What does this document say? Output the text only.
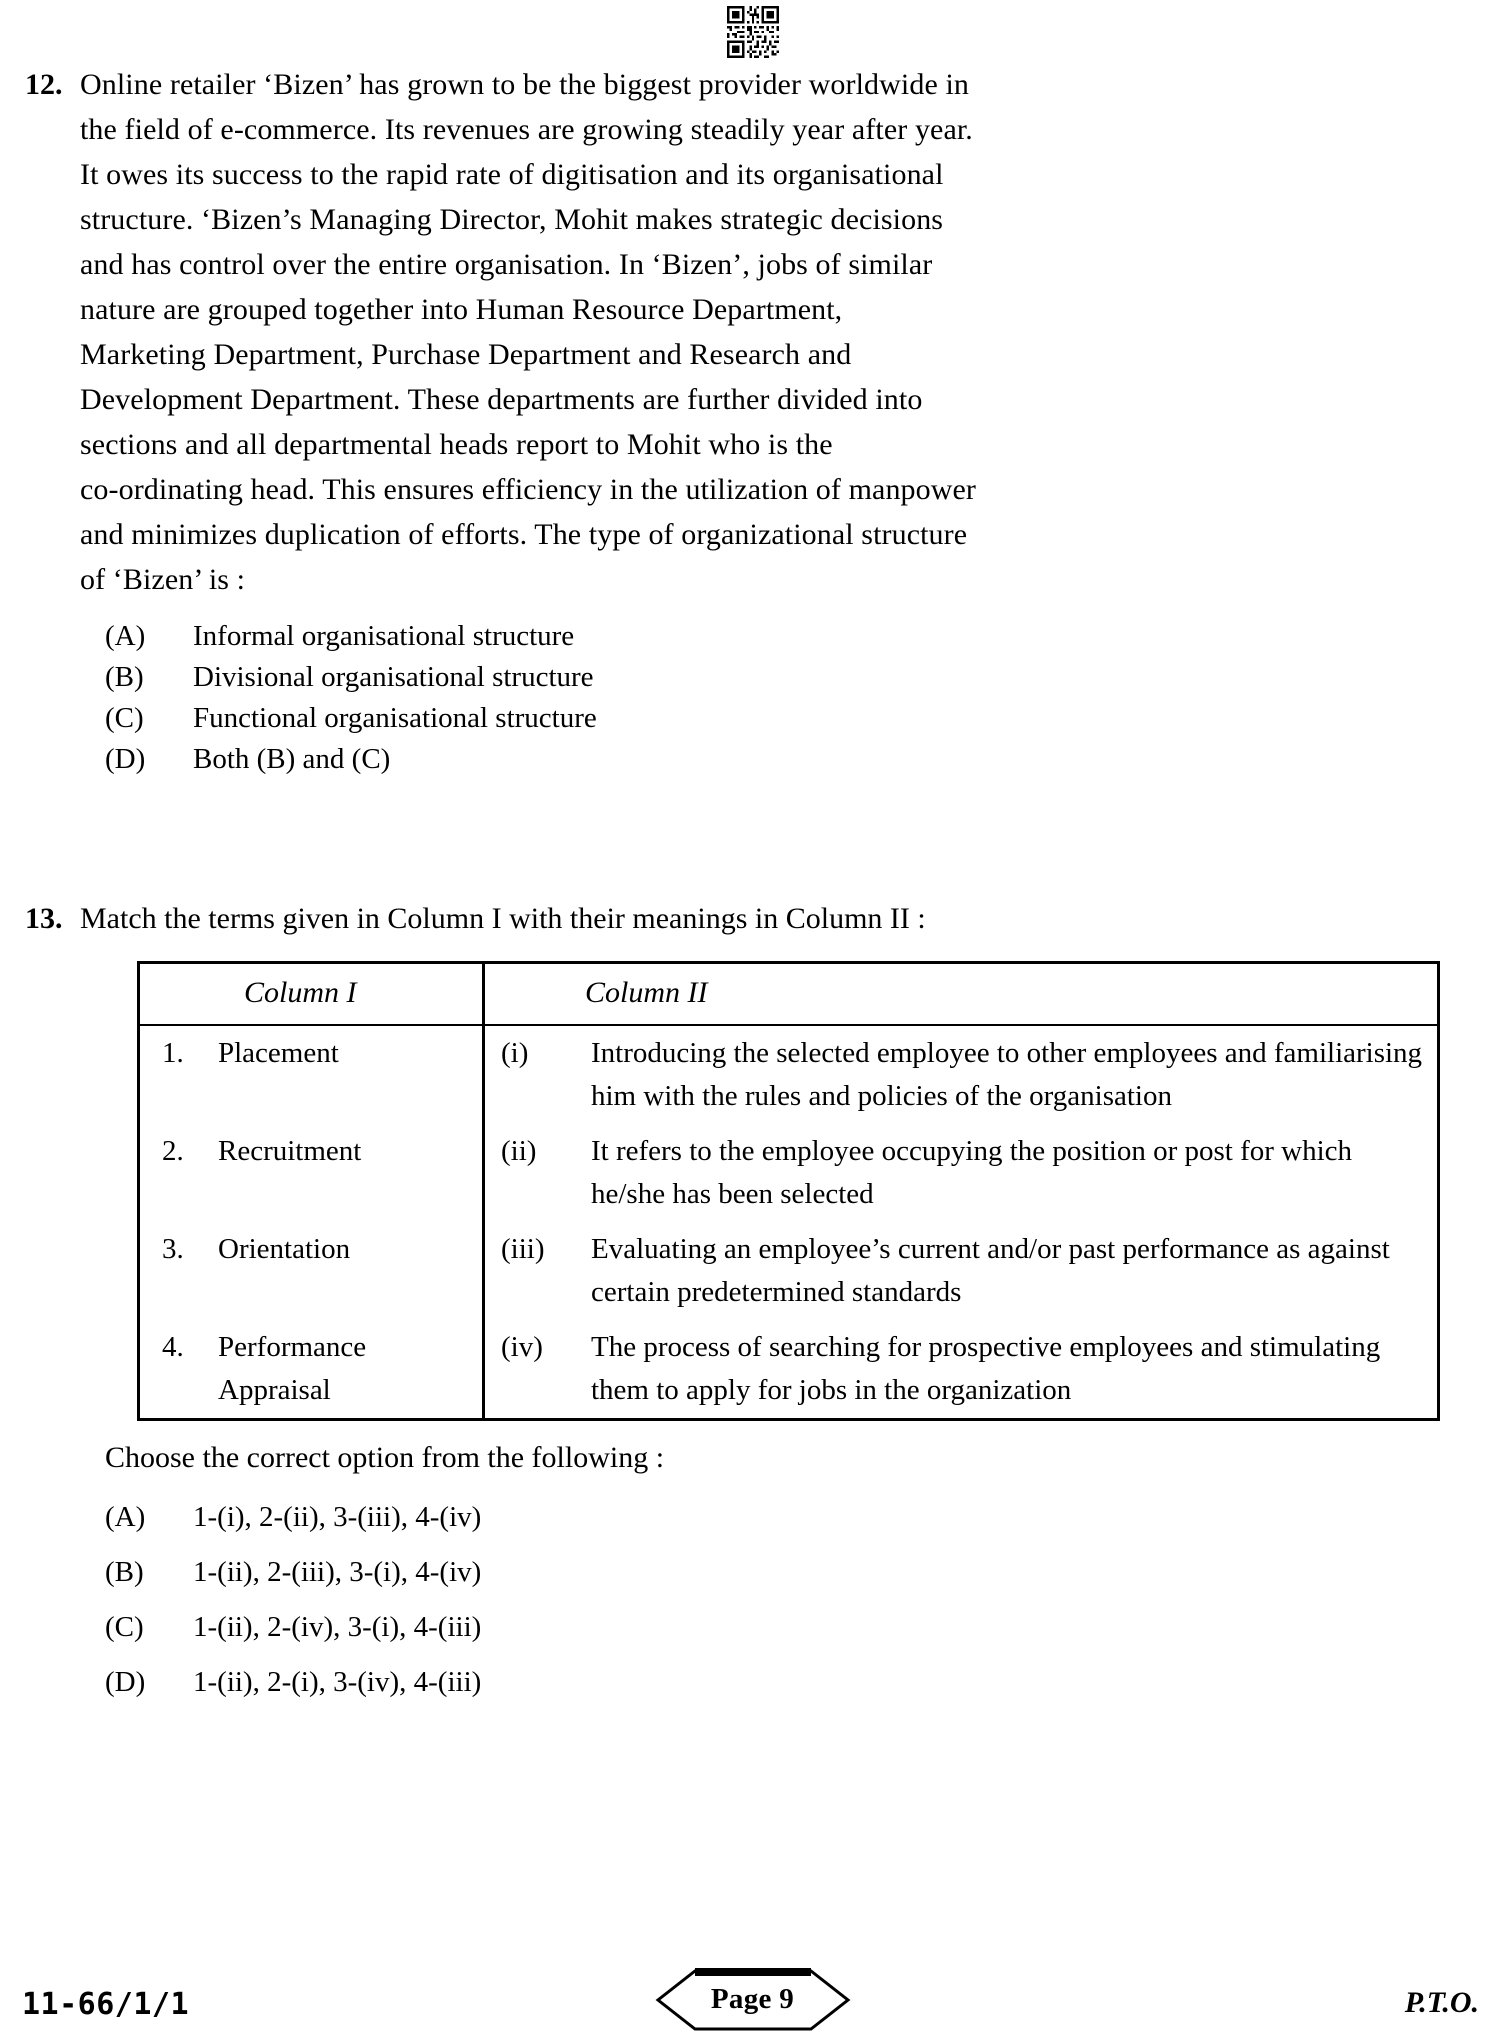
12. Online retailer ‘Bizen’ has grown to be the biggest provider worldwide in
the field of e-commerce. Its revenues are growing steadily year after year.
It owes its success to the rapid rate of digitisation and its organisational
structure. ‘Bizen’s Managing Director, Mohit makes strategic decisions
and has control over the entire organisation. In ‘Bizen’, jobs of similar
nature are grouped together into Human Resource Department,
Marketing Department, Purchase Department and Research and
Development Department. These departments are further divided into
sections and all departmental heads report to Mohit who is the
co-ordinating head. This ensures efficiency in the utilization of manpower
and minimizes duplication of efforts. The type of organizational structure
of ‘Bizen’ is :
(A)	Informal organisational structure
(B)	Divisional organisational structure
(C)	Functional organisational structure
(D)	Both (B) and (C)
13. Match the terms given in Column I with their meanings in Column II :
Column I	Column II

1. Placement	(i) Introducing the selected employee to other employees and familiarising him with the rules and policies of the organisation

2. Recruitment	(ii) It refers to the employee occupying the position or post for which he/she has been selected

3. Orientation	(iii) Evaluating an employee’s current and/or past performance as against certain predetermined standards

4. Performance Appraisal	(iv) The process of searching for prospective employees and stimulating them to apply for jobs in the organization
Choose the correct option from the following :
(A)	1-(i), 2-(ii), 3-(iii), 4-(iv)
(B)	1-(ii), 2-(iii), 3-(i), 4-(iv)
(C)	1-(ii), 2-(iv), 3-(i), 4-(iii)
(D)	1-(ii), 2-(i), 3-(iv), 4-(iii)
11-66/1/1	Page 9	P.T.O.
